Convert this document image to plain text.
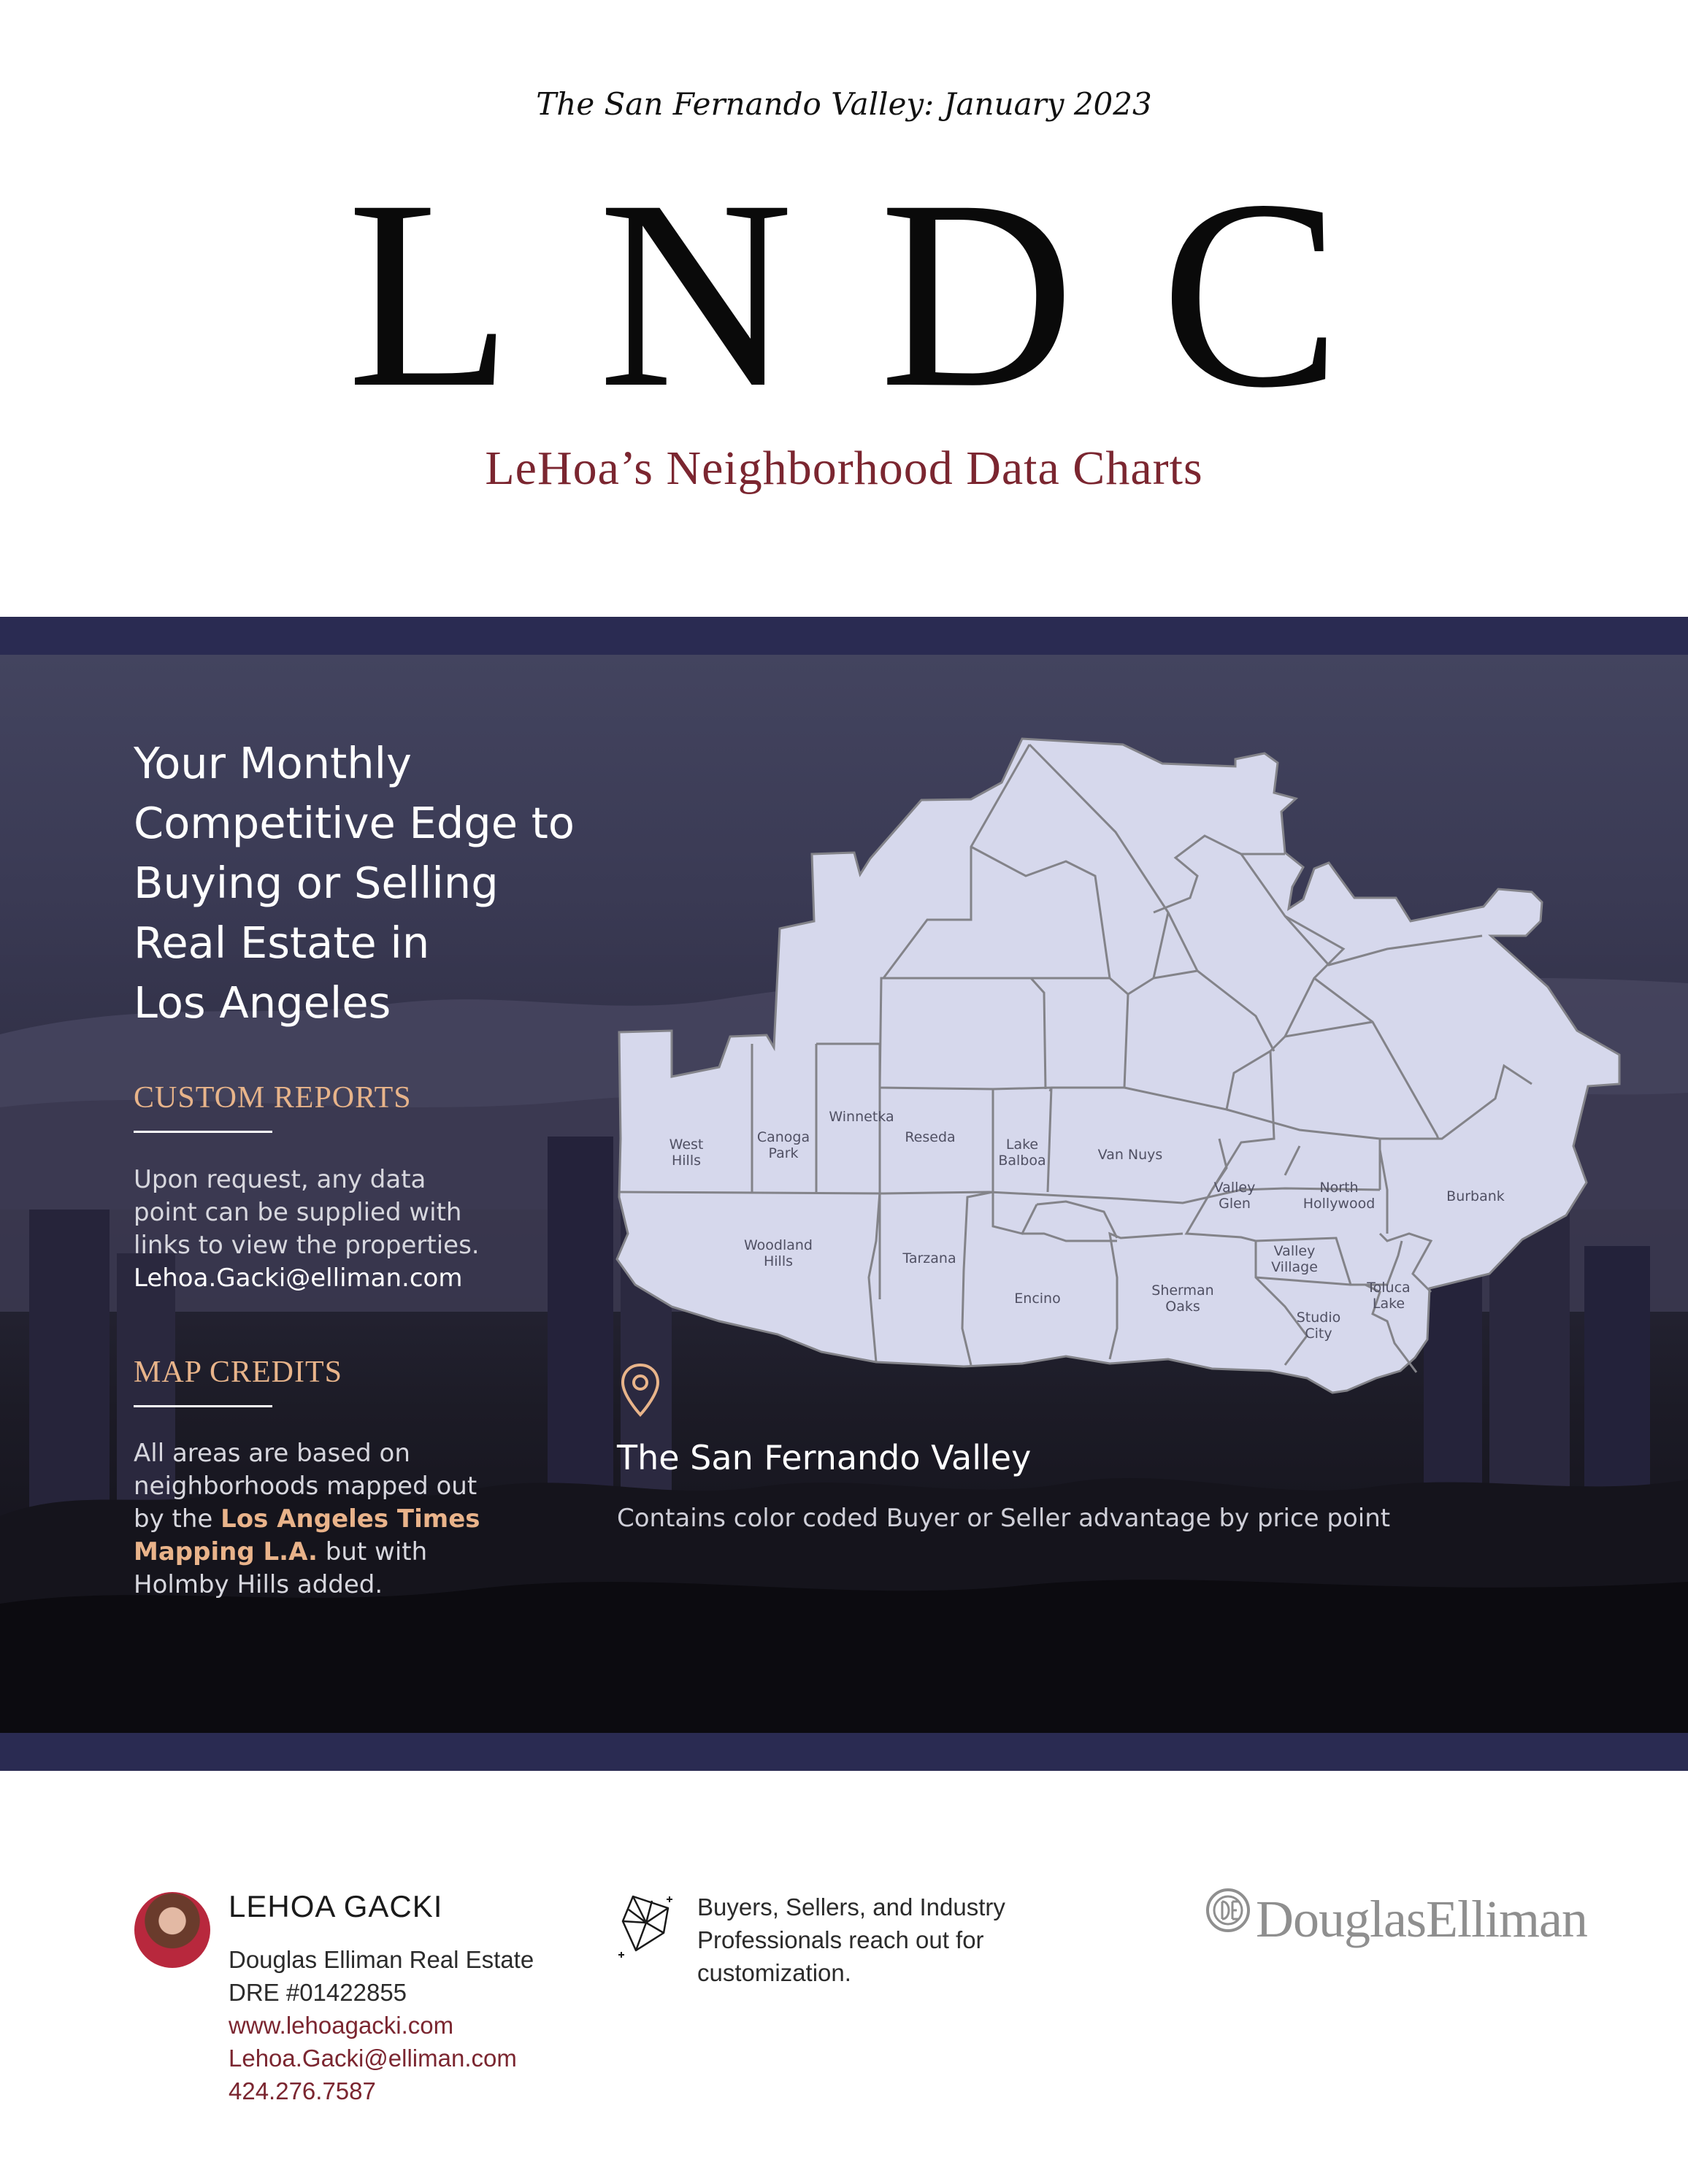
The San Fernando Valley: January 2023
LNDC
LeHoa’s Neighborhood Data Charts
Your Monthly
Competitive Edge to
Buying or Selling
Real Estate in
Los Angeles
CUSTOM REPORTS
Upon request, any data
point can be supplied with
links to view the properties.
Lehoa.Gacki@elliman.com
MAP CREDITS
All areas are based on
neighborhoods mapped out
by the Los Angeles Times
Mapping L.A. but with
Holmby Hills added.
West Hills
Canoga Park
Winnetka
Reseda	Lake Balboa	Van Nuys
Valley Glen
North Hollywood	Burbank
Woodland Hills	Tarzana
Encino	Sherman Oaks
Valley Village
Toluca Lake
Studio City
The San Fernando Valley
Contains color coded Buyer or Seller advantage by price point
LEHOA GACKI
Douglas Elliman Real Estate
DRE #01422855
www.lehoagacki.com
Lehoa.Gacki@elliman.com
424.276.7587
Buyers, Sellers, and Industry
Professionals reach out for
customization.
DouglasElliman
